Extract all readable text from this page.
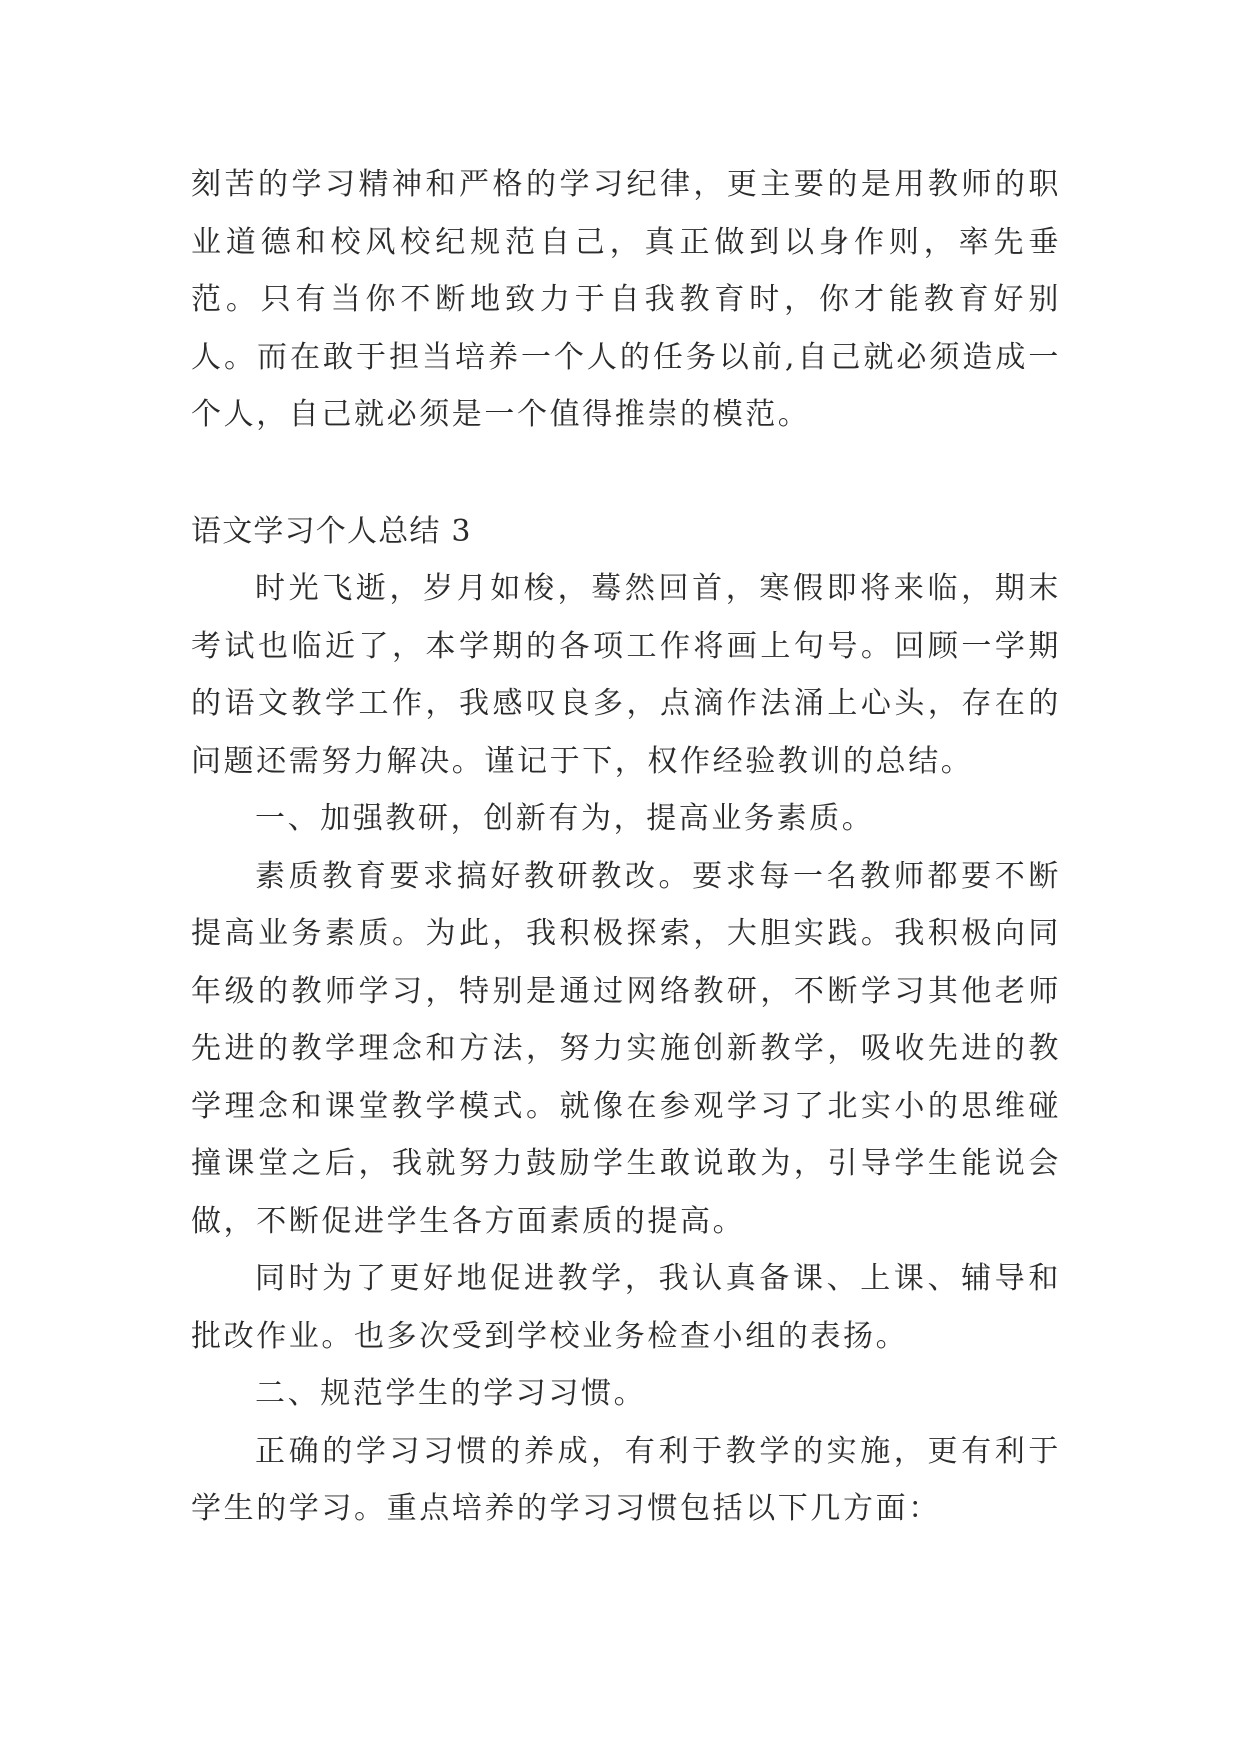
刻苦的学习精神和严格的学习纪律，更主要的是用教师的职业道德和校风校纪规范自己，真正做到以身作则，率先垂范。只有当你不断地致力于自我教育时，你才能教育好别人。而在敢于担当培养一个人的任务以前,自己就必须造成一个人，自己就必须是一个值得推崇的模范。

语文学习个人总结 3

时光飞逝，岁月如梭，蓦然回首，寒假即将来临，期末考试也临近了，本学期的各项工作将画上句号。回顾一学期的语文教学工作，我感叹良多，点滴作法涌上心头，存在的问题还需努力解决。谨记于下，权作经验教训的总结。

一、加强教研，创新有为，提高业务素质。

素质教育要求搞好教研教改。要求每一名教师都要不断提高业务素质。为此，我积极探索，大胆实践。我积极向同年级的教师学习，特别是通过网络教研，不断学习其他老师先进的教学理念和方法，努力实施创新教学，吸收先进的教学理念和课堂教学模式。就像在参观学习了北实小的思维碰撞课堂之后，我就努力鼓励学生敢说敢为，引导学生能说会做，不断促进学生各方面素质的提高。

同时为了更好地促进教学，我认真备课、上课、辅导和批改作业。也多次受到学校业务检查小组的表扬。

二、规范学生的学习习惯。

正确的学习习惯的养成，有利于教学的实施，更有利于学生的学习。重点培养的学习习惯包括以下几方面：
